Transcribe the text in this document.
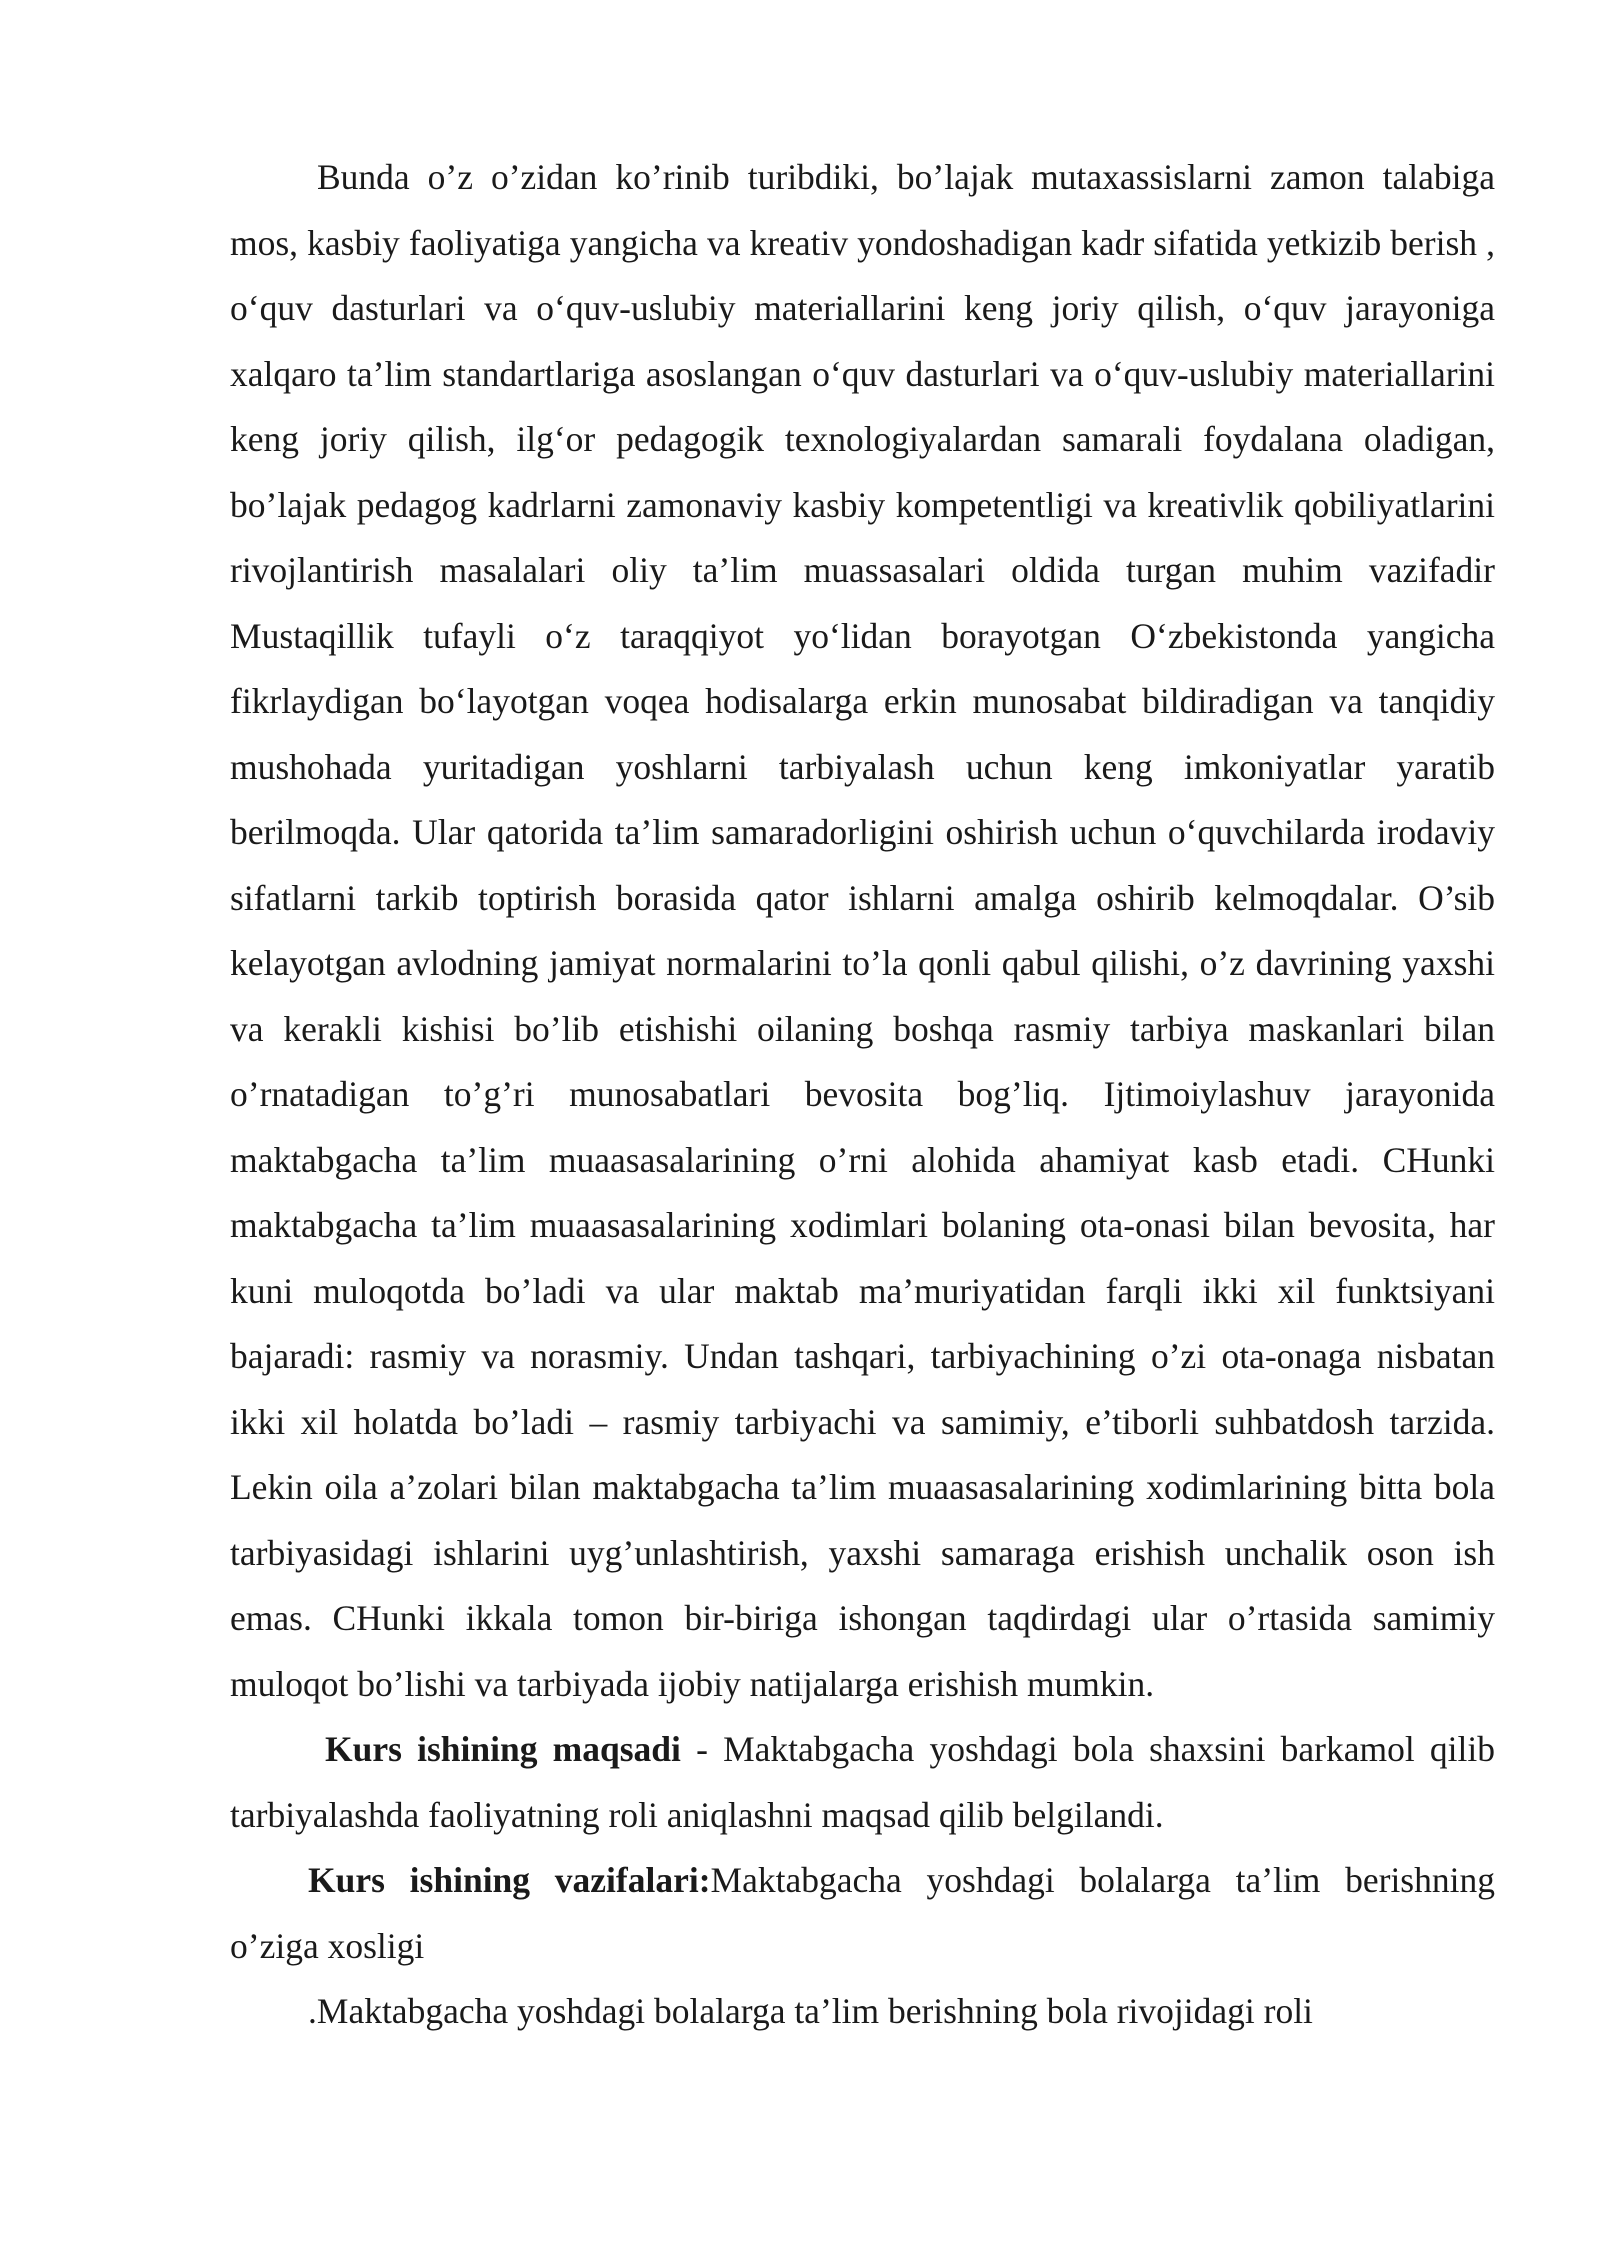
Bunda o’z o’zidan ko’rinib turibdiki, bo’lajak mutaxassislarni zamon talabiga mos, kasbiy faoliyatiga yangicha va kreativ yondoshadigan kadr sifatida yetkizib berish , o‘quv dasturlari va o‘quv-uslubiy materiallarini keng joriy qilish, o‘quv jarayoniga xalqaro ta’lim standartlariga asoslangan o‘quv dasturlari va o‘quv-uslubiy materiallarini keng joriy qilish, ilg‘or pedagogik texnologiyalardan samarali foydalana oladigan, bo’lajak pedagog kadrlarni zamonaviy kasbiy kompetentligi va kreativlik qobiliyatlarini rivojlantirish masalalari oliy ta’lim muassasalari oldida turgan muhim vazifadir Mustaqillik tufayli o‘z taraqqiyot yo‘lidan borayotgan O‘zbekistonda yangicha fikrlaydigan bo‘layotgan voqea hodisalarga erkin munosabat bildiradigan va tanqidiy mushohada yuritadigan yoshlarni tarbiyalash uchun keng imkoniyatlar yaratib berilmoqda. Ular qatorida ta’lim samaradorligini oshirish uchun o‘quvchilarda irodaviy sifatlarni tarkib toptirish borasida qator ishlarni amalga oshirib kelmoqdalar. O’sib kelayotgan avlodning jamiyat normalarini to’la qonli qabul qilishi, o’z davrining yaxshi va kerakli kishisi bo’lib etishishi oilaning boshqa rasmiy tarbiya maskanlari bilan o’rnatadigan to’g’ri munosabatlari bevosita bog’liq. Ijtimoiylashuv jarayonida maktabgacha ta’lim muaasasalarining o’rni alohida ahamiyat kasb etadi. CHunki maktabgacha ta’lim muaasasalarining xodimlari bolaning ota-onasi bilan bevosita, har kuni muloqotda bo’ladi va ular maktab ma’muriyatidan farqli ikki xil funktsiyani bajaradi: rasmiy va norasmiy. Undan tashqari, tarbiyachining o’zi ota-onaga nisbatan ikki xil holatda bo’ladi – rasmiy tarbiyachi va samimiy, e’tiborli suhbatdosh tarzida. Lekin oila a’zolari bilan maktabgacha ta’lim muaasasalarining xodimlarining bitta bola tarbiyasidagi ishlarini uyg’unlashtirish, yaxshi samaraga erishish unchalik oson ish emas. CHunki ikkala tomon bir-biriga ishongan taqdirdagi ular o’rtasida samimiy muloqot bo’lishi va tarbiyada ijobiy natijalarga erishish mumkin.

Kurs ishining maqsadi - Maktabgacha yoshdagi bola shaxsini barkamol qilib tarbiyalashda faoliyatning roli aniqlashni maqsad qilib belgilandi.

Kurs ishining vazifalari:Maktabgacha yoshdagi bolalarga ta’lim berishning o’ziga xosligi

.Maktabgacha yoshdagi bolalarga ta’lim berishning bola rivojidagi roli
